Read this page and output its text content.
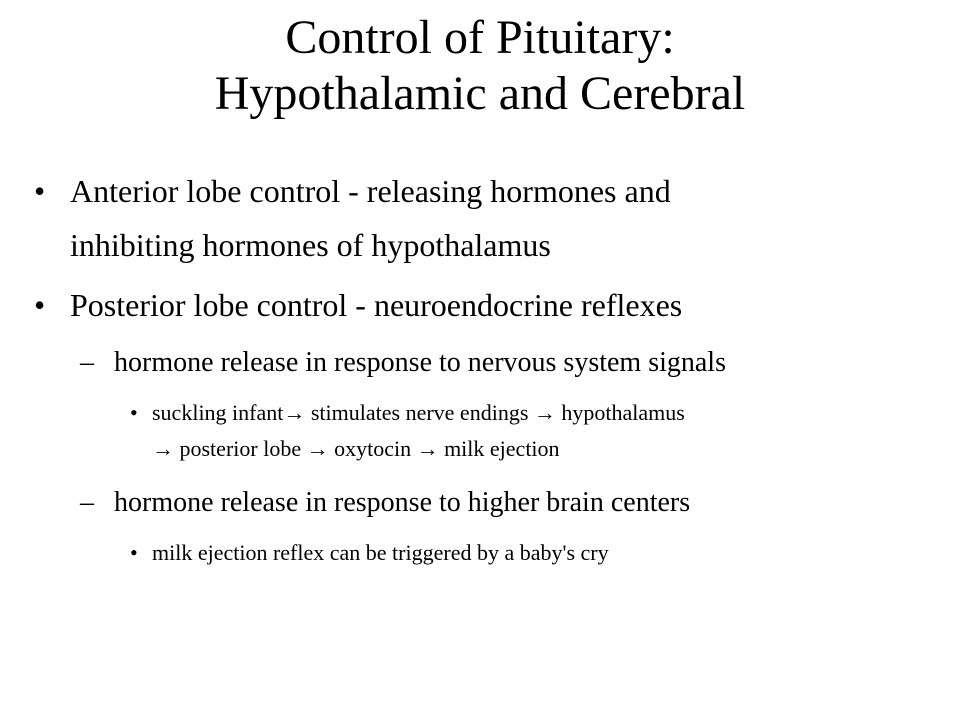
Control of Pituitary:
Hypothalamic and Cerebral
• Anterior lobe control - releasing hormones and
inhibiting hormones of hypothalamus
• Posterior lobe control - neuroendocrine reflexes
– hormone release in response to nervous system signals
• suckling infant→ stimulates nerve endings → hypothalamus
→ posterior lobe → oxytocin → milk ejection
– hormone release in response to higher brain centers
• milk ejection reflex can be triggered by a baby's cry
